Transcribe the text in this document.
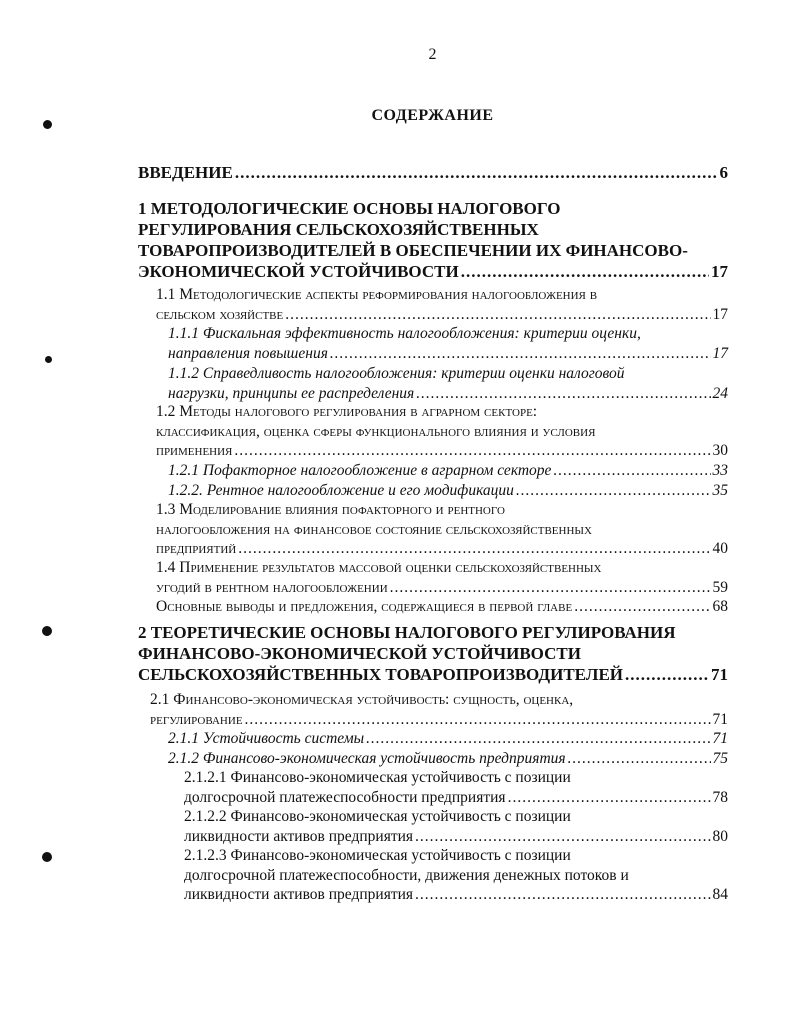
2
СОДЕРЖАНИЕ
ВВЕДЕНИЕ .....	6
1 МЕТОДОЛОГИЧЕСКИЕ ОСНОВЫ НАЛОГОВОГО
РЕГУЛИРОВАНИЯ СЕЛЬСКОХОЗЯЙСТВЕННЫХ
ТОВАРОПРОИЗВОДИТЕЛЕЙ В ОБЕСПЕЧЕНИИ ИХ ФИНАНСОВО-
ЭКОНОМИЧЕСКОЙ УСТОЙЧИВОСТИ .....	17
1.1 Методологические аспекты реформирования налогообложения в
сельском хозяйстве .....	17
1.1.1 Фискальная эффективность налогообложения: критерии оценки,
направления повышения .....	17
1.1.2 Справедливость налогообложения: критерии оценки налоговой
нагрузки, принципы ее распределения .....	24
1.2 Методы налогового регулирования в аграрном секторе:
классификация, оценка сферы функционального влияния и условия
применения .....	30
1.2.1 Пофакторное налогообложение в аграрном секторе .....	33
1.2.2. Рентное налогообложение и его модификации .....	35
1.3 Моделирование влияния пофакторного и рентного
налогообложения на финансовое состояние сельскохозяйственных
предприятий .....	40
1.4 Применение результатов массовой оценки сельскохозяйственных
угодий в рентном налогообложении .....	59
Основные выводы и предложения, содержащиеся в первой главе .....	68
2 ТЕОРЕТИЧЕСКИЕ ОСНОВЫ НАЛОГОВОГО РЕГУЛИРОВАНИЯ
ФИНАНСОВО-ЭКОНОМИЧЕСКОЙ УСТОЙЧИВОСТИ
СЕЛЬСКОХОЗЯЙСТВЕННЫХ ТОВАРОПРОИЗВОДИТЕЛЕЙ .....	71
2.1 Финансово-экономическая устойчивость: сущность, оценка,
регулирование .....	71
2.1.1 Устойчивость системы .....	71
2.1.2 Финансово-экономическая устойчивость предприятия .....	75
2.1.2.1 Финансово-экономическая устойчивость с позиции
долгосрочной платежеспособности предприятия .....	78
2.1.2.2 Финансово-экономическая устойчивость с позиции
ликвидности активов предприятия .....	80
2.1.2.3 Финансово-экономическая устойчивость с позиции
долгосрочной платежеспособности, движения денежных потоков и
ликвидности активов предприятия .....	84
